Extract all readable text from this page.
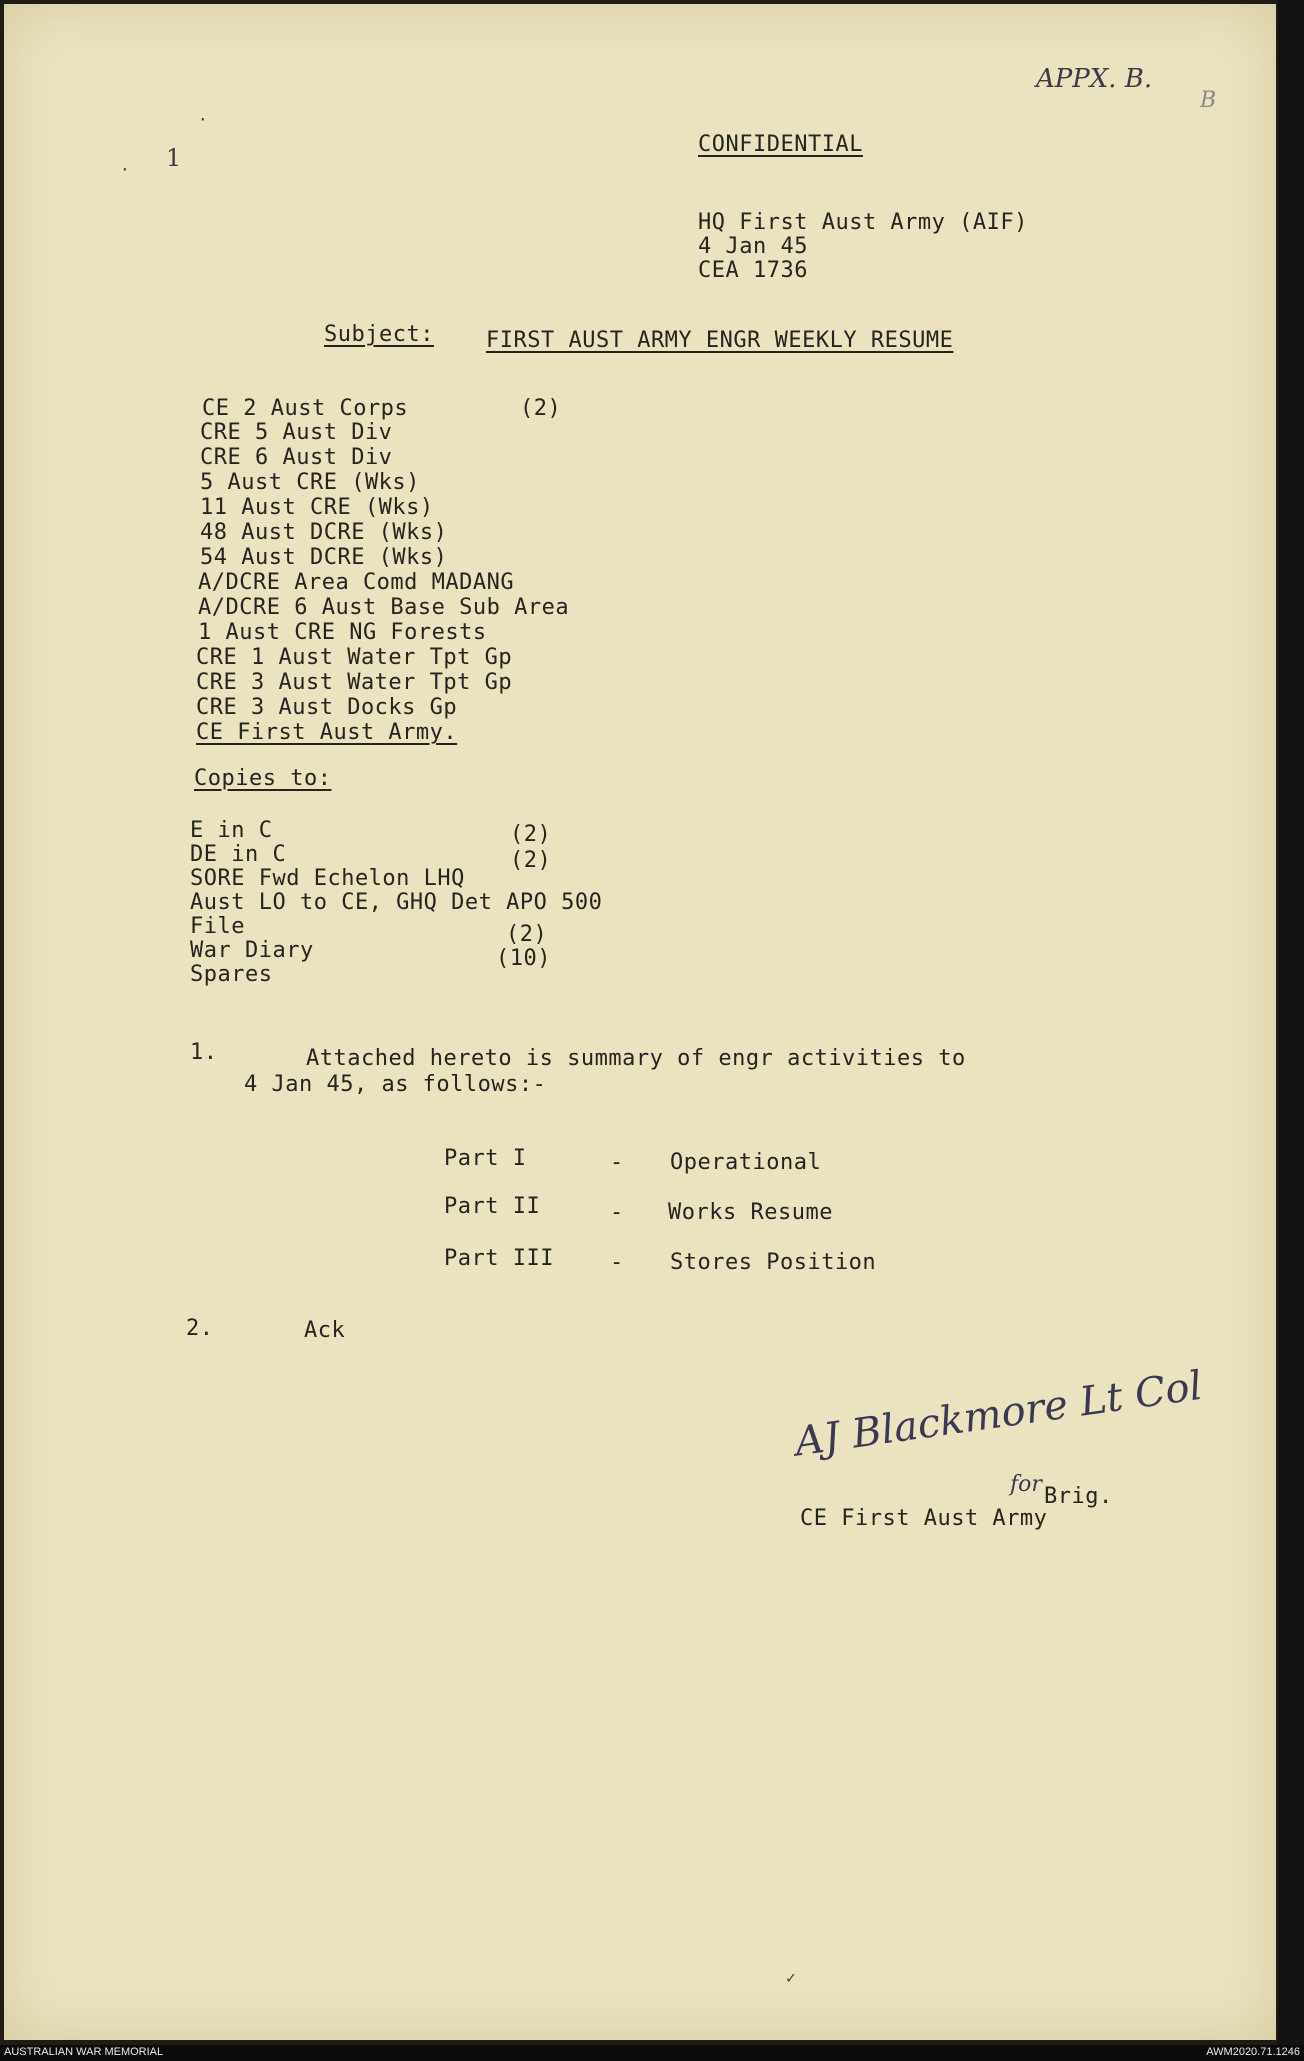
APPX. B.
B
1
·
·
CONFIDENTIAL
HQ First Aust Army (AIF)
4 Jan 45
CEA 1736
Subject: FIRST AUST ARMY ENGR WEEKLY RESUME
CE 2 Aust Corps	(2)
CRE 5 Aust Div
CRE 6 Aust Div
5 Aust CRE (Wks)
11 Aust CRE (Wks)
48 Aust DCRE (Wks)
54 Aust DCRE (Wks)
A/DCRE Area Comd MADANG
A/DCRE 6 Aust Base Sub Area
1 Aust CRE NG Forests
CRE 1 Aust Water Tpt Gp
CRE 3 Aust Water Tpt Gp
CRE 3 Aust Docks Gp
CE First Aust Army.
Copies to:
E in C	(2)
DE in C	(2)
SORE Fwd Echelon LHQ
Aust LO to CE, GHQ Det APO 500
File	(2)
War Diary	(10)
Spares
1.	Attached hereto is summary of engr activities to
4 Jan 45, as follows:-
Part I	- Operational
Part II	- Works Resume
Part III	- Stores Position
2.	Ack
AJ Blackmore Lt Col
for Brig.
CE First Aust Army
✓
AUSTRALIAN WAR MEMORIAL	AWM2020.71.1246
